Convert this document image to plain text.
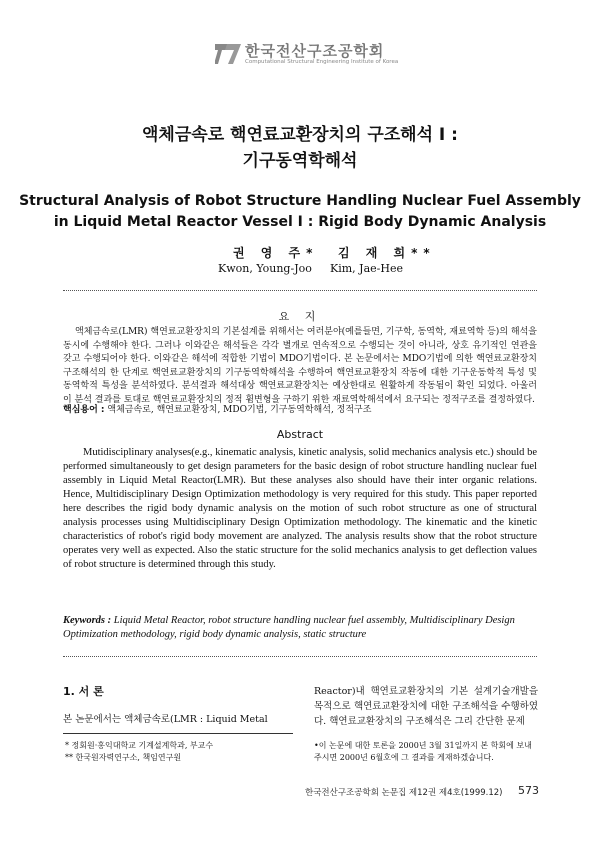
한국전산구조공학회
Computational Structural Engineering Institute of Korea
액체금속로 핵연료교환장치의 구조해석 I :
기구동역학해석
Structural Analysis of Robot Structure Handling Nuclear Fuel Assembly
in Liquid Metal Reactor Vessel I : Rigid Body Dynamic Analysis
권 영 주* 김 재 희**
Kwon, Young-Joo Kim, Jae-Hee
요 지

액체금속로(LMR) 핵연료교환장치의 기본설계를 위해서는 여러분야(예를들면, 기구학, 동역학, 재료역학 등)의 해석을 동시에 수행해야 한다. 그러나 이와같은 해석들은 각각 별개로 연속적으로 수행되는 것이 아니라, 상호 유기적인 연관을 갖고 수행되어야 한다. 이와같은 해석에 적합한 기법이 MDO기법이다. 본 논문에서는 MDO기법에 의한 핵연료교환장치 구조해석의 한 단계로 핵연료교환장치의 기구동역학해석을 수행하여 핵연료교환장치 작동에 대한 기구운동학적 특성 및 동역학적 특성을 분석하였다. 분석결과 해석대상 핵연료교환장치는 예상한대로 원활하게 작동됨이 확인 되었다. 아울러 이 분석 결과를 토대로 핵연료교환장치의 정적 휨변형을 구하기 위한 재료역학해석에서 요구되는 정적구조를 결정하였다.

핵심용어 : 액체금속로, 핵연료교환장치, MDO기법, 기구동역학해석, 정적구조
Abstract

Mutidisciplinary analyses(e.g., kinematic analysis, kinetic analysis, solid mechanics analysis etc.) should be performed simultaneously to get design parameters for the basic design of robot structure handling nuclear fuel assembly in Liquid Metal Reactor(LMR). But these analyses also should have their inter organic relations. Hence, Multidisciplinary Design Optimization methodology is very required for this study. This paper reported here describes the rigid body dynamic analysis on the motion of such robot structure as one of structural analysis processes using Multidisciplinary Design Optimization methodology. The kinematic and the kinetic characteristics of robot's rigid body movement are analyzed. The analysis results show that the robot structure operates very well as expected. Also the static structure for the solid mechanics analysis to get deflection values of robot structure is determined through this study.

Keywords : Liquid Metal Reactor, robot structure handling nuclear fuel assembly, Multidisciplinary Design Optimization methodology, rigid body dynamic analysis, static structure
1. 서 론
본 논문에서는 액체금속로(LMR : Liquid Metal
Reactor)내 핵연료교환장치의 기본 설계기술개발을 목적으로 핵연료교환장치에 대한 구조해석을 수행하였다. 핵연료교환장치의 구조해석은 그리 간단한 문제
* 정회원·홍익대학교 기계설계학과, 부교수
** 한국원자력연구소, 책임연구원
•이 논문에 대한 토론을 2000년 3월 31일까지 본 학회에 보내주시면 2000년 6월호에 그 결과를 게재하겠습니다.
한국전산구조공학회 논문집 제12권 제4호(1999.12) 573
